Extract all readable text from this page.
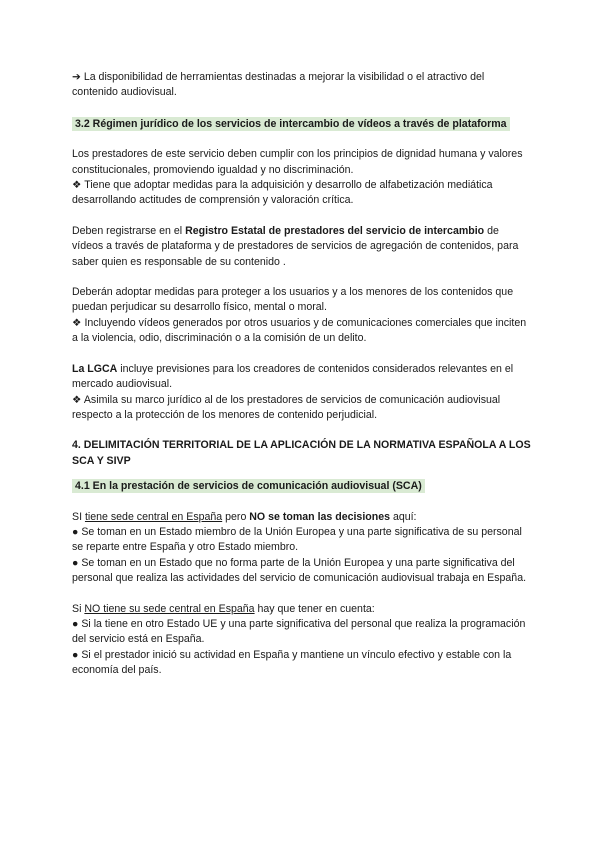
➔ La disponibilidad de herramientas destinadas a mejorar la visibilidad o el atractivo del contenido audiovisual.

3.2 Régimen jurídico de los servicios de intercambio de vídeos a través de plataforma

Los prestadores de este servicio deben cumplir con los principios de dignidad humana y valores constitucionales, promoviendo igualdad y no discriminación.

❖ Tiene que adoptar medidas para la adquisición y desarrollo de alfabetización mediática desarrollando actitudes de comprensión y valoración crítica.

Deben registrarse en el Registro Estatal de prestadores del servicio de intercambio de vídeos a través de plataforma y de prestadores de servicios de agregación de contenidos, para saber quien es responsable de su contenido .

Deberán adoptar medidas para proteger a los usuarios y a los menores de los contenidos que puedan perjudicar su desarrollo físico, mental o moral.

❖ Incluyendo vídeos generados por otros usuarios y de comunicaciones comerciales que inciten a la violencia, odio, discriminación o a la comisión de un delito.

La LGCA incluye previsiones para los creadores de contenidos considerados relevantes en el mercado audiovisual.

❖ Asimila su marco jurídico al de los prestadores de servicios de comunicación audiovisual respecto a la protección de los menores de contenido perjudicial.

4. DELIMITACIÓN TERRITORIAL DE LA APLICACIÓN DE LA NORMATIVA ESPAÑOLA A LOS SCA Y SIVP

4.1 En la prestación de servicios de comunicación audiovisual (SCA)

SI tiene sede central en España pero NO se toman las decisiones aquí:

● Se toman en un Estado miembro de la Unión Europea y una parte significativa de su personal se reparte entre España y otro Estado miembro.

● Se toman en un Estado que no forma parte de la Unión Europea y una parte significativa del personal que realiza las actividades del servicio de comunicación audiovisual trabaja en España.

Si NO tiene su sede central en España hay que tener en cuenta:

● Si la tiene en otro Estado UE y una parte significativa del personal que realiza la programación del servicio está en España.

● Si el prestador inició su actividad en España y mantiene un vínculo efectivo y estable con la economía del país.
